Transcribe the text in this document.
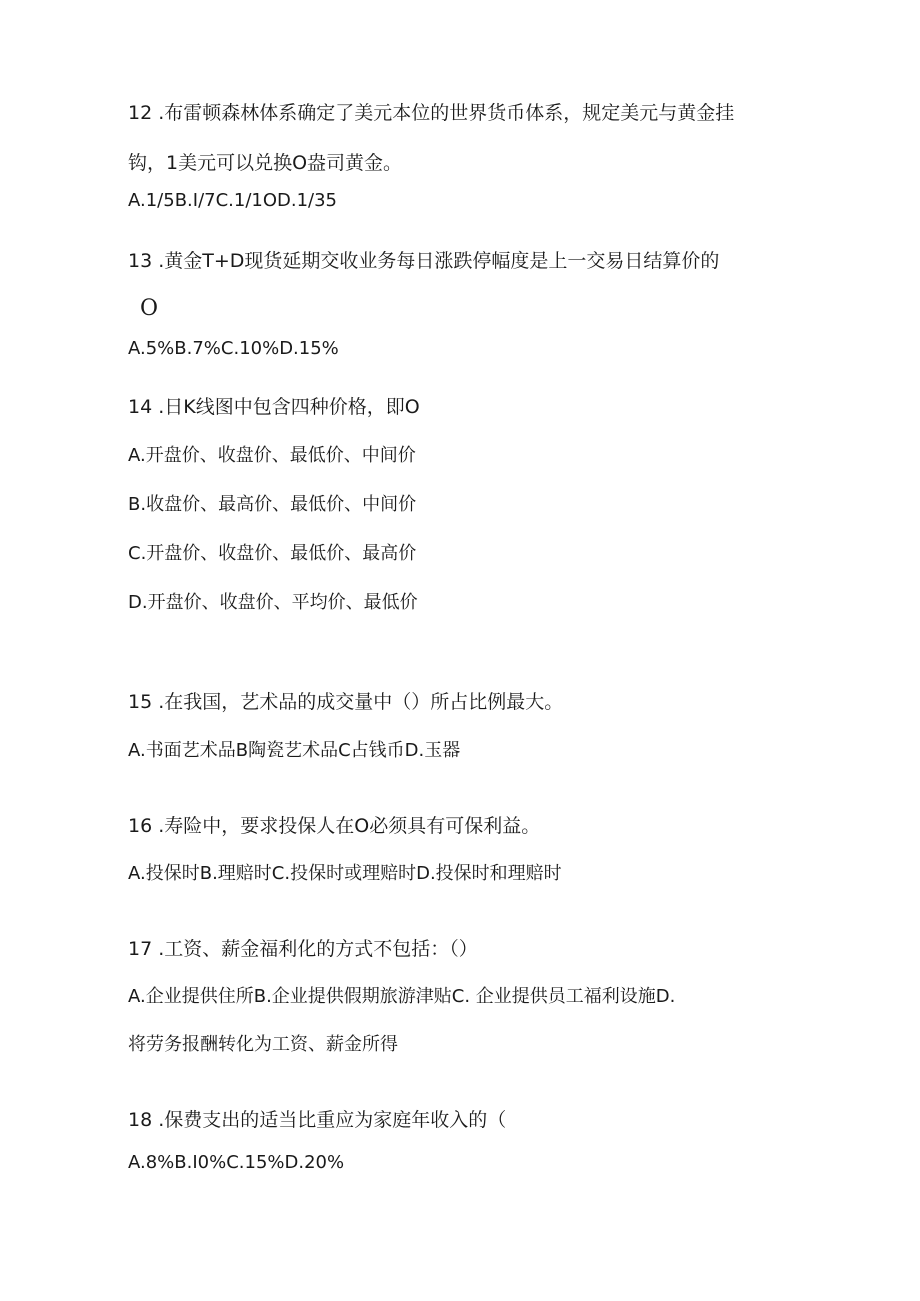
12 .布雷顿森林体系确定了美元本位的世界货币体系，规定美元与黄金挂
钩，1美元可以兑换O盎司黄金。
A.1/5B.I/7C.1/1OD.1/35
13 .黄金T+D现货延期交收业务每日涨跌停幅度是上一交易日结算价的
O
A.5%B.7%C.10%D.15%
14 .日K线图中包含四种价格，即O
A.开盘价、收盘价、最低价、中间价
B.收盘价、最高价、最低价、中间价
C.开盘价、收盘价、最低价、最高价
D.开盘价、收盘价、平均价、最低价
15 .在我国，艺术品的成交量中（）所占比例最大。
A.书面艺术品B陶瓷艺术品C占钱币D.玉器
16 .寿险中，要求投保人在O必须具有可保利益。
A.投保时B.理赔时C.投保时或理赔时D.投保时和理赔时
17 .工资、薪金福利化的方式不包括：（）
A.企业提供住所B.企业提供假期旅游津贴C. 企业提供员工福利设施D.
将劳务报酬转化为工资、薪金所得
18 .保费支出的适当比重应为家庭年收入的（
A.8%B.I0%C.15%D.20%
